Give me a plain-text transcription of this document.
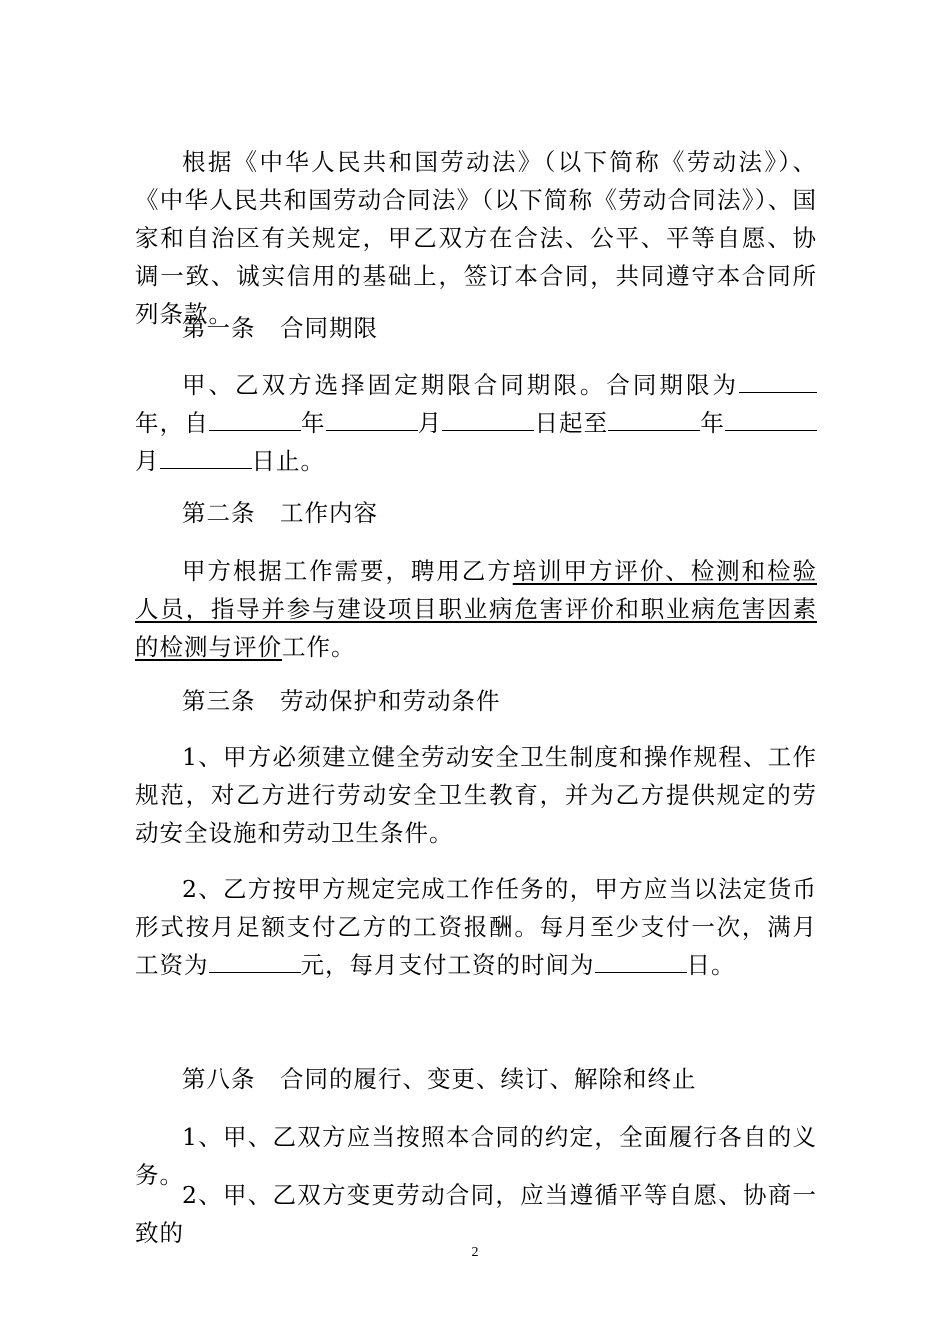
根据《中华人民共和国劳动法》（以下简称《劳动法》）、《中华人民共和国劳动合同法》（以下简称《劳动合同法》）、国家和自治区有关规定，甲乙双方在合法、公平、平等自愿、协调一致、诚实信用的基础上，签订本合同，共同遵守本合同所列条款。

第一条　合同期限

甲、乙双方选择固定期限合同期限。合同期限为年，自	年	月	日起至	年月	日止。

第二条　工作内容

甲方根据工作需要，聘用乙方培训甲方评价、检测和检验人员，指导并参与建设项目职业病危害评价和职业病危害因素的检测与评价工作。

第三条　劳动保护和劳动条件

1、甲方必须建立健全劳动安全卫生制度和操作规程、工作规范，对乙方进行劳动安全卫生教育，并为乙方提供规定的劳动安全设施和劳动卫生条件。

2、乙方按甲方规定完成工作任务的，甲方应当以法定货币形式按月足额支付乙方的工资报酬。每月至少支付一次，满月工资为	元，每月支付工资的时间为	日。

第八条　合同的履行、变更、续订、解除和终止

1、甲、乙双方应当按照本合同的约定，全面履行各自的义务。

2、甲、乙双方变更劳动合同，应当遵循平等自愿、协商一致的

2
